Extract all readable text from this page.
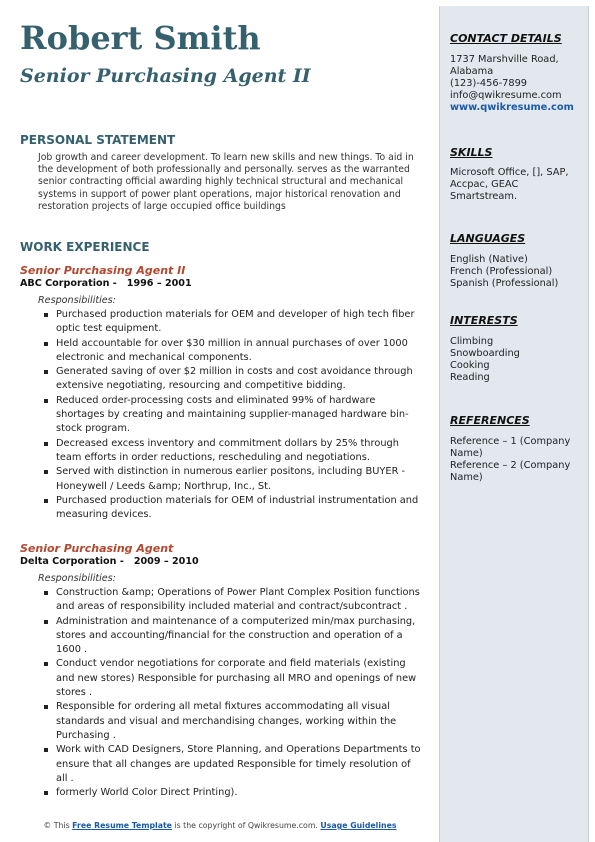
Robert Smith
Senior Purchasing Agent II
PERSONAL STATEMENT

Job growth and career development. To learn new skills and new things. To aid in the development of both professionally and personally. serves as the warranted senior contracting official awarding highly technical structural and mechanical systems in support of power plant operations, major historical renovation and restoration projects of large occupied office buildings

WORK EXPERIENCE
Senior Purchasing Agent II
ABC Corporation -   1996 – 2001
Responsibilities:
Purchased production materials for OEM and developer of high tech fiber optic test equipment.
Held accountable for over $30 million in annual purchases of over 1000 electronic and mechanical components.
Generated saving of over $2 million in costs and cost avoidance through extensive negotiating, resourcing and competitive bidding.
Reduced order-processing costs and eliminated 99% of hardware shortages by creating and maintaining supplier-managed hardware bin-stock program.
Decreased excess inventory and commitment dollars by 25% through team efforts in order reductions, rescheduling and negotiations.
Served with distinction in numerous earlier positons, including BUYER - Honeywell / Leeds &amp; Northrup, Inc., St.
Purchased production materials for OEM of industrial instrumentation and measuring devices.
Senior Purchasing Agent
Delta Corporation -   2009 – 2010
Responsibilities:
Construction &amp; Operations of Power Plant Complex Position functions and areas of responsibility included material and contract/subcontract .
Administration and maintenance of a computerized min/max purchasing, stores and accounting/financial for the construction and operation of a 1600 .
Conduct vendor negotiations for corporate and field materials (existing and new stores) Responsible for purchasing all MRO and openings of new stores .
Responsible for ordering all metal fixtures accommodating all visual standards and visual and merchandising changes, working within the Purchasing .
Work with CAD Designers, Store Planning, and Operations Departments to ensure that all changes are updated Responsible for timely resolution of all .
formerly World Color Direct Printing).
© This Free Resume Template is the copyright of Qwikresume.com. Usage Guidelines
CONTACT DETAILS
1737 Marshville Road,
Alabama
(123)-456-7899
info@qwikresume.com
www.qwikresume.com
SKILLS
Microsoft Office, [], SAP, Accpac, GEAC Smartstream.
LANGUAGES
English (Native)
French (Professional)
Spanish (Professional)
INTERESTS
Climbing
Snowboarding
Cooking
Reading
REFERENCES
Reference – 1 (Company Name)
Reference – 2 (Company Name)
